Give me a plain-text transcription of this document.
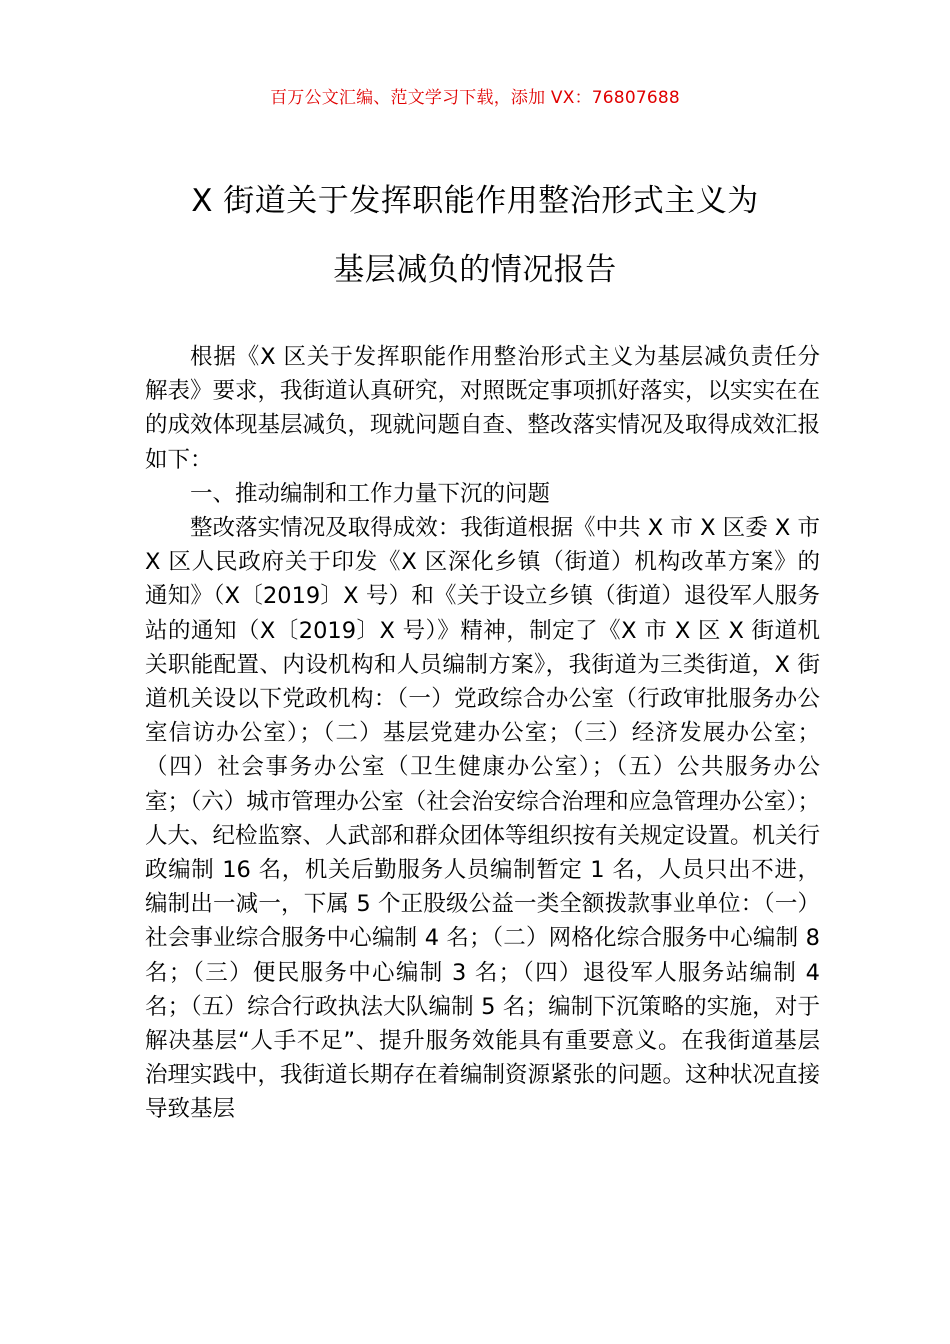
百万公文汇编、范文学习下载，添加 VX：76807688
X 街道关于发挥职能作用整治形式主义为
基层减负的情况报告

根据《X 区关于发挥职能作用整治形式主义为基层减负责任分解表》要求，我街道认真研究，对照既定事项抓好落实，以实实在在的成效体现基层减负，现就问题自查、整改落实情况及取得成效汇报如下：

一、推动编制和工作力量下沉的问题

整改落实情况及取得成效：我街道根据《中共 X 市 X 区委 X 市 X 区人民政府关于印发《X 区深化乡镇（街道）机构改革方案》的通知》（X〔2019〕X 号）和《关于设立乡镇（街道）退役军人服务站的通知（X〔2019〕X 号）》精神，制定了《X 市 X 区 X 街道机关职能配置、内设机构和人员编制方案》，我街道为三类街道，X 街道机关设以下党政机构：（一）党政综合办公室（行政审批服务办公室信访办公室）；（二）基层党建办公室；（三）经济发展办公室；（四）社会事务办公室（卫生健康办公室）；（五）公共服务办公室；（六）城市管理办公室（社会治安综合治理和应急管理办公室）；人大、纪检监察、人武部和群众团体等组织按有关规定设置。机关行政编制 16 名，机关后勤服务人员编制暂定 1 名，人员只出不进，编制出一减一，下属 5 个正股级公益一类全额拨款事业单位：（一）社会事业综合服务中心编制 4 名；（二）网格化综合服务中心编制 8 名；（三）便民服务中心编制 3 名；（四）退役军人服务站编制 4 名；（五）综合行政执法大队编制 5 名；编制下沉策略的实施，对于解决基层“人手不足”、提升服务效能具有重要意义。在我街道基层治理实践中，我街道长期存在着编制资源紧张的问题。这种状况直接导致基层
